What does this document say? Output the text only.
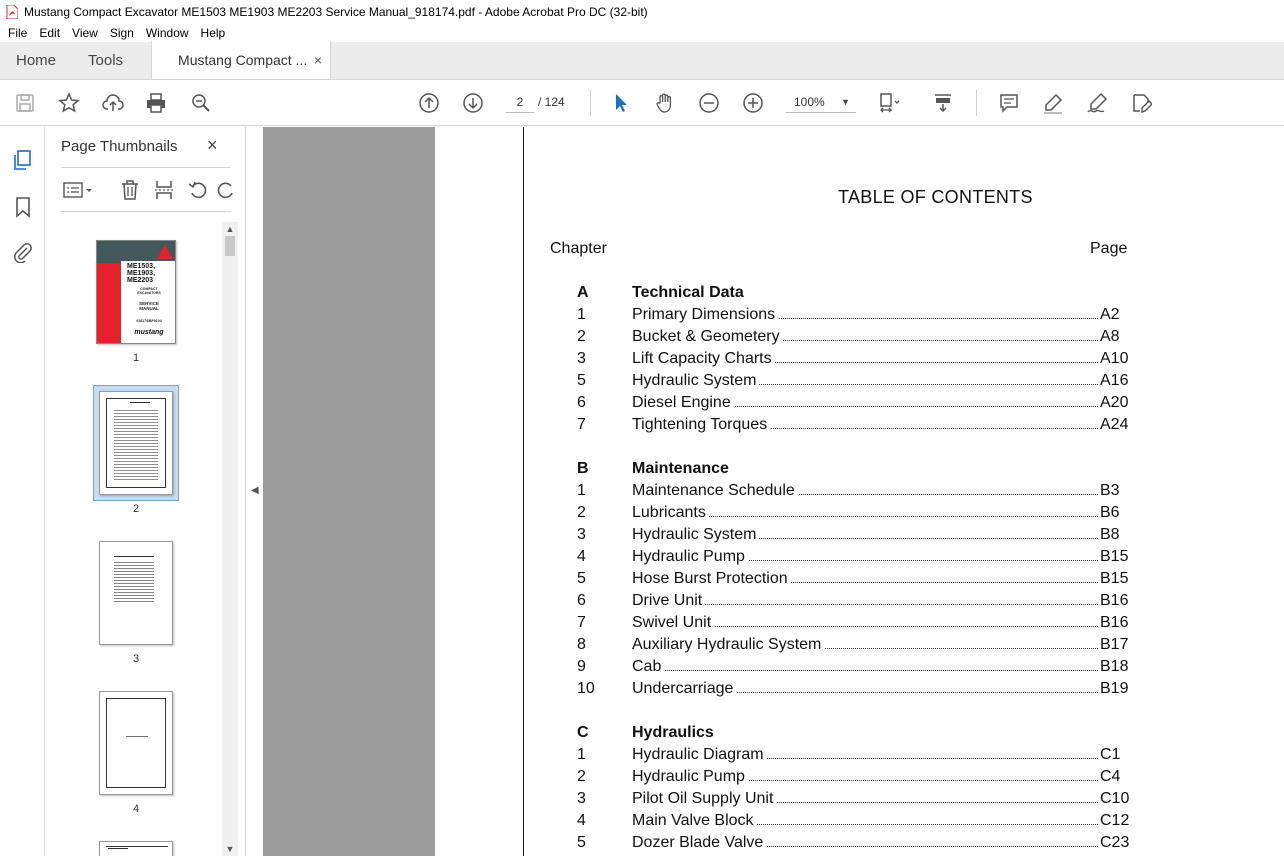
Mustang Compact Excavator ME1503 ME1903 ME2203 Service Manual_918174.pdf - Adobe Acrobat Pro DC (32-bit)
File	Edit	View	Sign	Window	Help
Home	Tools	Mustang Compact ... ×
2	/ 124	100% ▼
Page Thumbnails ×
ME1503,
ME1903,
ME2203
COMPACT
EXCAVATORS
SERVICE
MANUAL
918174/BP0104
mustang
1
2
3
4
▲
▼
◀
TABLE OF CONTENTS
Chapter	Page
A	Technical Data
1	Primary Dimensions	A2
2	Bucket & Geometery	A8
3	Lift Capacity Charts	A10
5	Hydraulic System	A16
6	Diesel Engine	A20
7	Tightening Torques	A24
B	Maintenance
1	Maintenance Schedule	B3
2	Lubricants	B6
3	Hydraulic System	B8
4	Hydraulic Pump	B15
5	Hose Burst Protection	B15
6	Drive Unit	B16
7	Swivel Unit	B16
8	Auxiliary Hydraulic System	B17
9	Cab	B18
10 Undercarriage	B19
C	Hydraulics
1	Hydraulic Diagram	C1
2	Hydraulic Pump	C4
3	Pilot Oil Supply Unit	C10
4	Main Valve Block	C12
5	Dozer Blade Valve	C23
